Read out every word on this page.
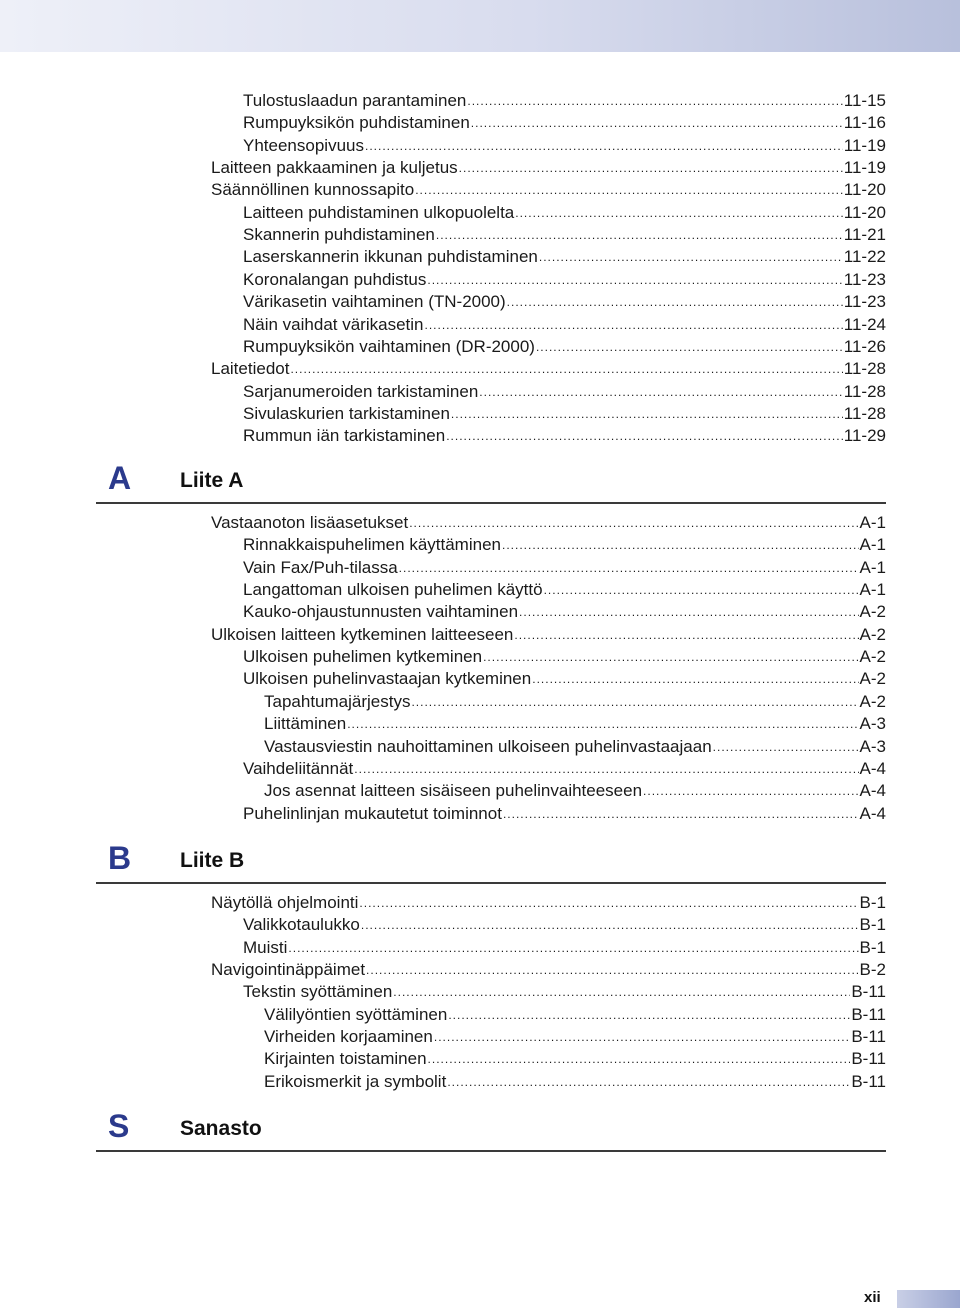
Tulostuslaadun parantaminen .....	11-15
Rumpuyksikön puhdistaminen .....	11-16
Yhteensopivuus .....	11-19
Laitteen pakkaaminen ja kuljetus .....	11-19
Säännöllinen kunnossapito .....	11-20
Laitteen puhdistaminen ulkopuolelta .....	11-20
Skannerin puhdistaminen .....	11-21
Laserskannerin ikkunan puhdistaminen .....	11-22
Koronalangan puhdistus .....	11-23
Värikasetin vaihtaminen (TN-2000) .....	11-23
Näin vaihdat värikasetin .....	11-24
Rumpuyksikön vaihtaminen (DR-2000) .....	11-26
Laitetiedot .....	11-28
Sarjanumeroiden tarkistaminen .....	11-28
Sivulaskurien tarkistaminen .....	11-28
Rummun iän tarkistaminen .....	11-29
A Liite A
Vastaanoton lisäasetukset .....	A-1
Rinnakkaispuhelimen käyttäminen .....	A-1
Vain Fax/Puh-tilassa .....	A-1
Langattoman ulkoisen puhelimen käyttö .....	A-1
Kauko-ohjaustunnusten vaihtaminen .....	A-2
Ulkoisen laitteen kytkeminen laitteeseen .....	A-2
Ulkoisen puhelimen kytkeminen .....	A-2
Ulkoisen puhelinvastaajan kytkeminen .....	A-2
Tapahtumajärjestys .....	A-2
Liittäminen .....	A-3
Vastausviestin nauhoittaminen ulkoiseen puhelinvastaajaan .....	A-3
Vaihdeliitännät .....	A-4
Jos asennat laitteen sisäiseen puhelinvaihteeseen .....	A-4
Puhelinlinjan mukautetut toiminnot .....	A-4
B Liite B
Näytöllä ohjelmointi .....	B-1
Valikkotaulukko .....	B-1
Muisti .....	B-1
Navigointinäppäimet .....	B-2
Tekstin syöttäminen .....	B-11
Välilyöntien syöttäminen .....	B-11
Virheiden korjaaminen .....	B-11
Kirjainten toistaminen .....	B-11
Erikoismerkit ja symbolit .....	B-11
S Sanasto
xii
